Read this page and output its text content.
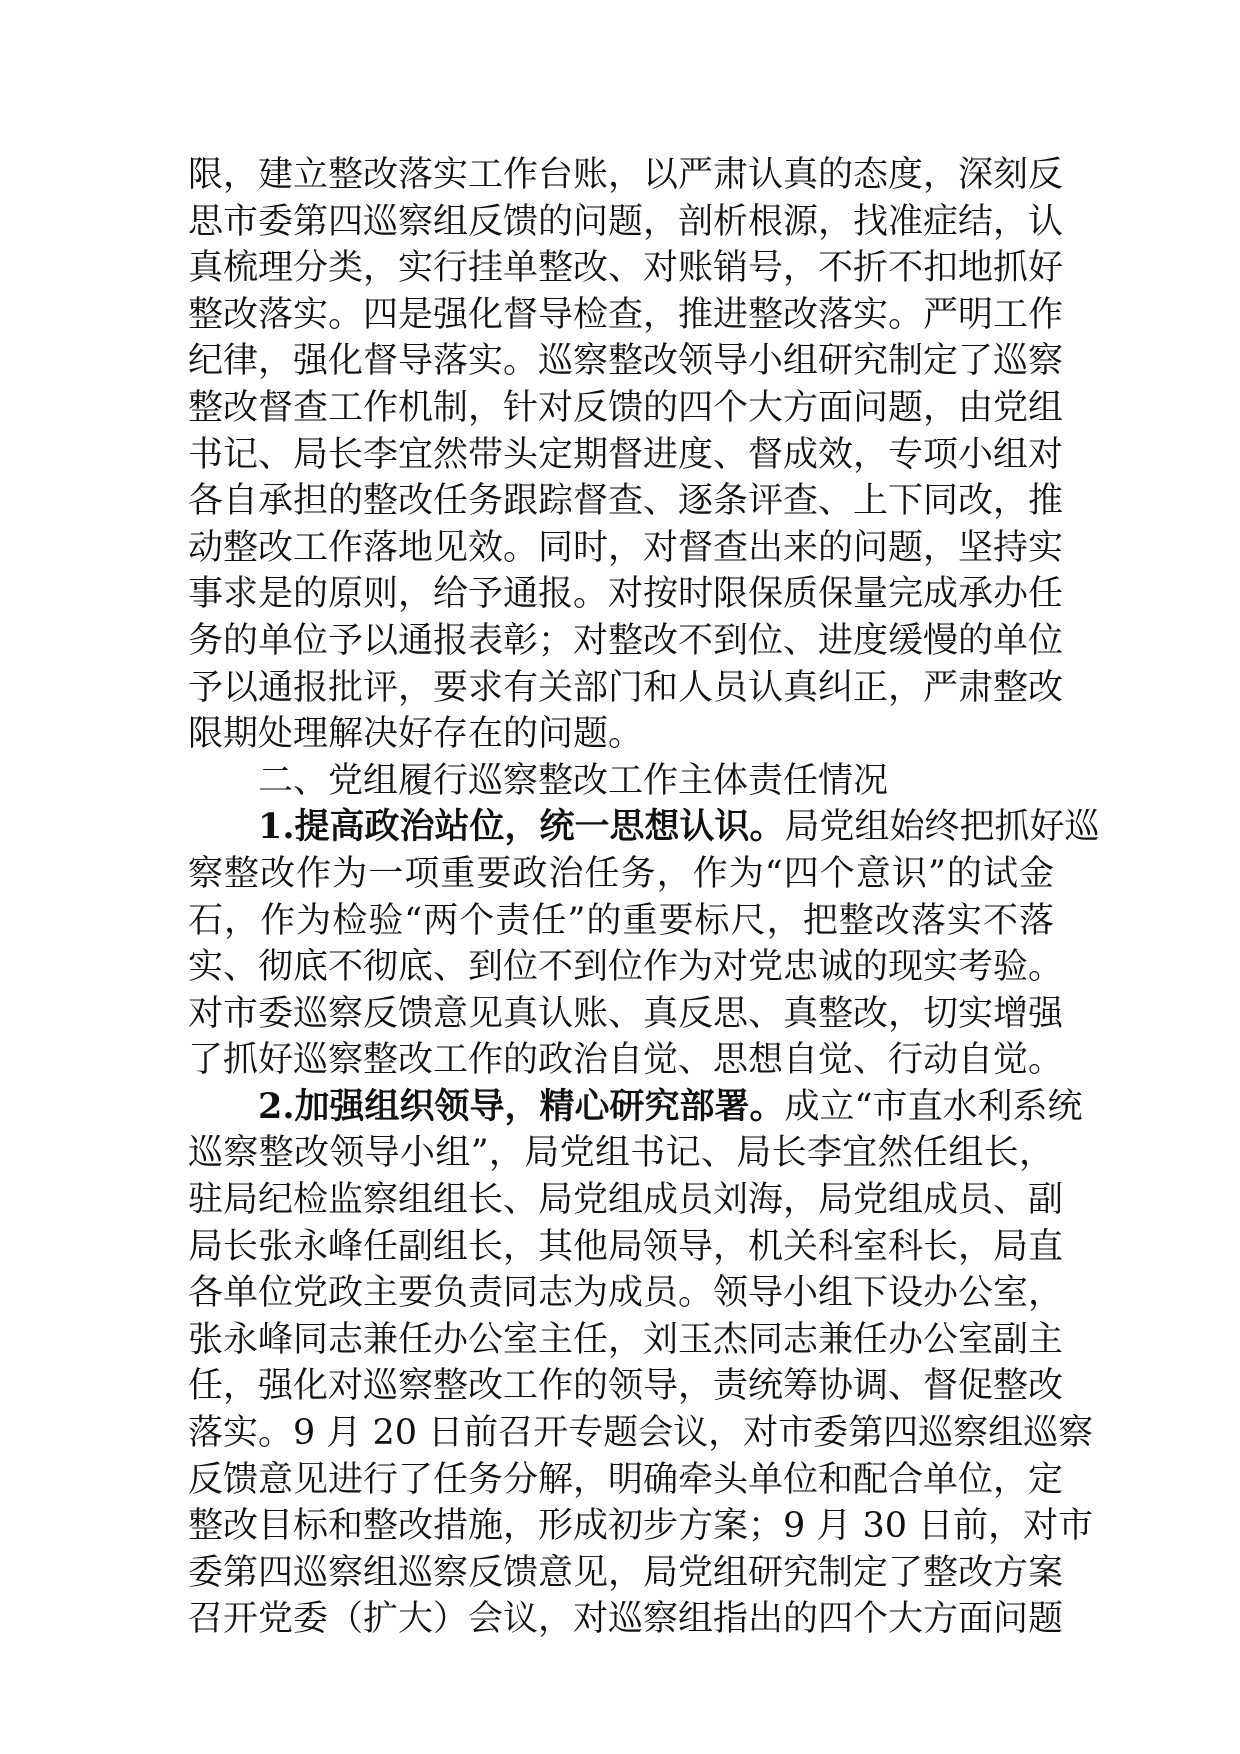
限，建立整改落实工作台账，以严肃认真的态度，深刻反
思市委第四巡察组反馈的问题，剖析根源，找准症结，认
真梳理分类，实行挂单整改、对账销号，不折不扣地抓好
整改落实。四是强化督导检查，推进整改落实。严明工作
纪律，强化督导落实。巡察整改领导小组研究制定了巡察
整改督查工作机制，针对反馈的四个大方面问题，由党组
书记、局长李宜然带头定期督进度、督成效，专项小组对
各自承担的整改任务跟踪督查、逐条评查、上下同改，推
动整改工作落地见效。同时，对督查出来的问题，坚持实
事求是的原则，给予通报。对按时限保质保量完成承办任
务的单位予以通报表彰；对整改不到位、进度缓慢的单位
予以通报批评，要求有关部门和人员认真纠正，严肃整改
限期处理解决好存在的问题。
二、党组履行巡察整改工作主体责任情况
1.提高政治站位，统一思想认识。局党组始终把抓好巡
察整改作为一项重要政治任务，作为“四个意识”的试金
石，作为检验“两个责任”的重要标尺，把整改落实不落
实、彻底不彻底、到位不到位作为对党忠诚的现实考验。
对市委巡察反馈意见真认账、真反思、真整改，切实增强
了抓好巡察整改工作的政治自觉、思想自觉、行动自觉。
2.加强组织领导，精心研究部署。成立“市直水利系统
巡察整改领导小组”，局党组书记、局长李宜然任组长，
驻局纪检监察组组长、局党组成员刘海，局党组成员、副
局长张永峰任副组长，其他局领导，机关科室科长，局直
各单位党政主要负责同志为成员。领导小组下设办公室，
张永峰同志兼任办公室主任，刘玉杰同志兼任办公室副主
任，强化对巡察整改工作的领导，责统筹协调、督促整改
落实。9 月 20 日前召开专题会议，对市委第四巡察组巡察
反馈意见进行了任务分解，明确牵头单位和配合单位，定
整改目标和整改措施，形成初步方案；9 月 30 日前，对市
委第四巡察组巡察反馈意见，局党组研究制定了整改方案
召开党委（扩大）会议，对巡察组指出的四个大方面问题
